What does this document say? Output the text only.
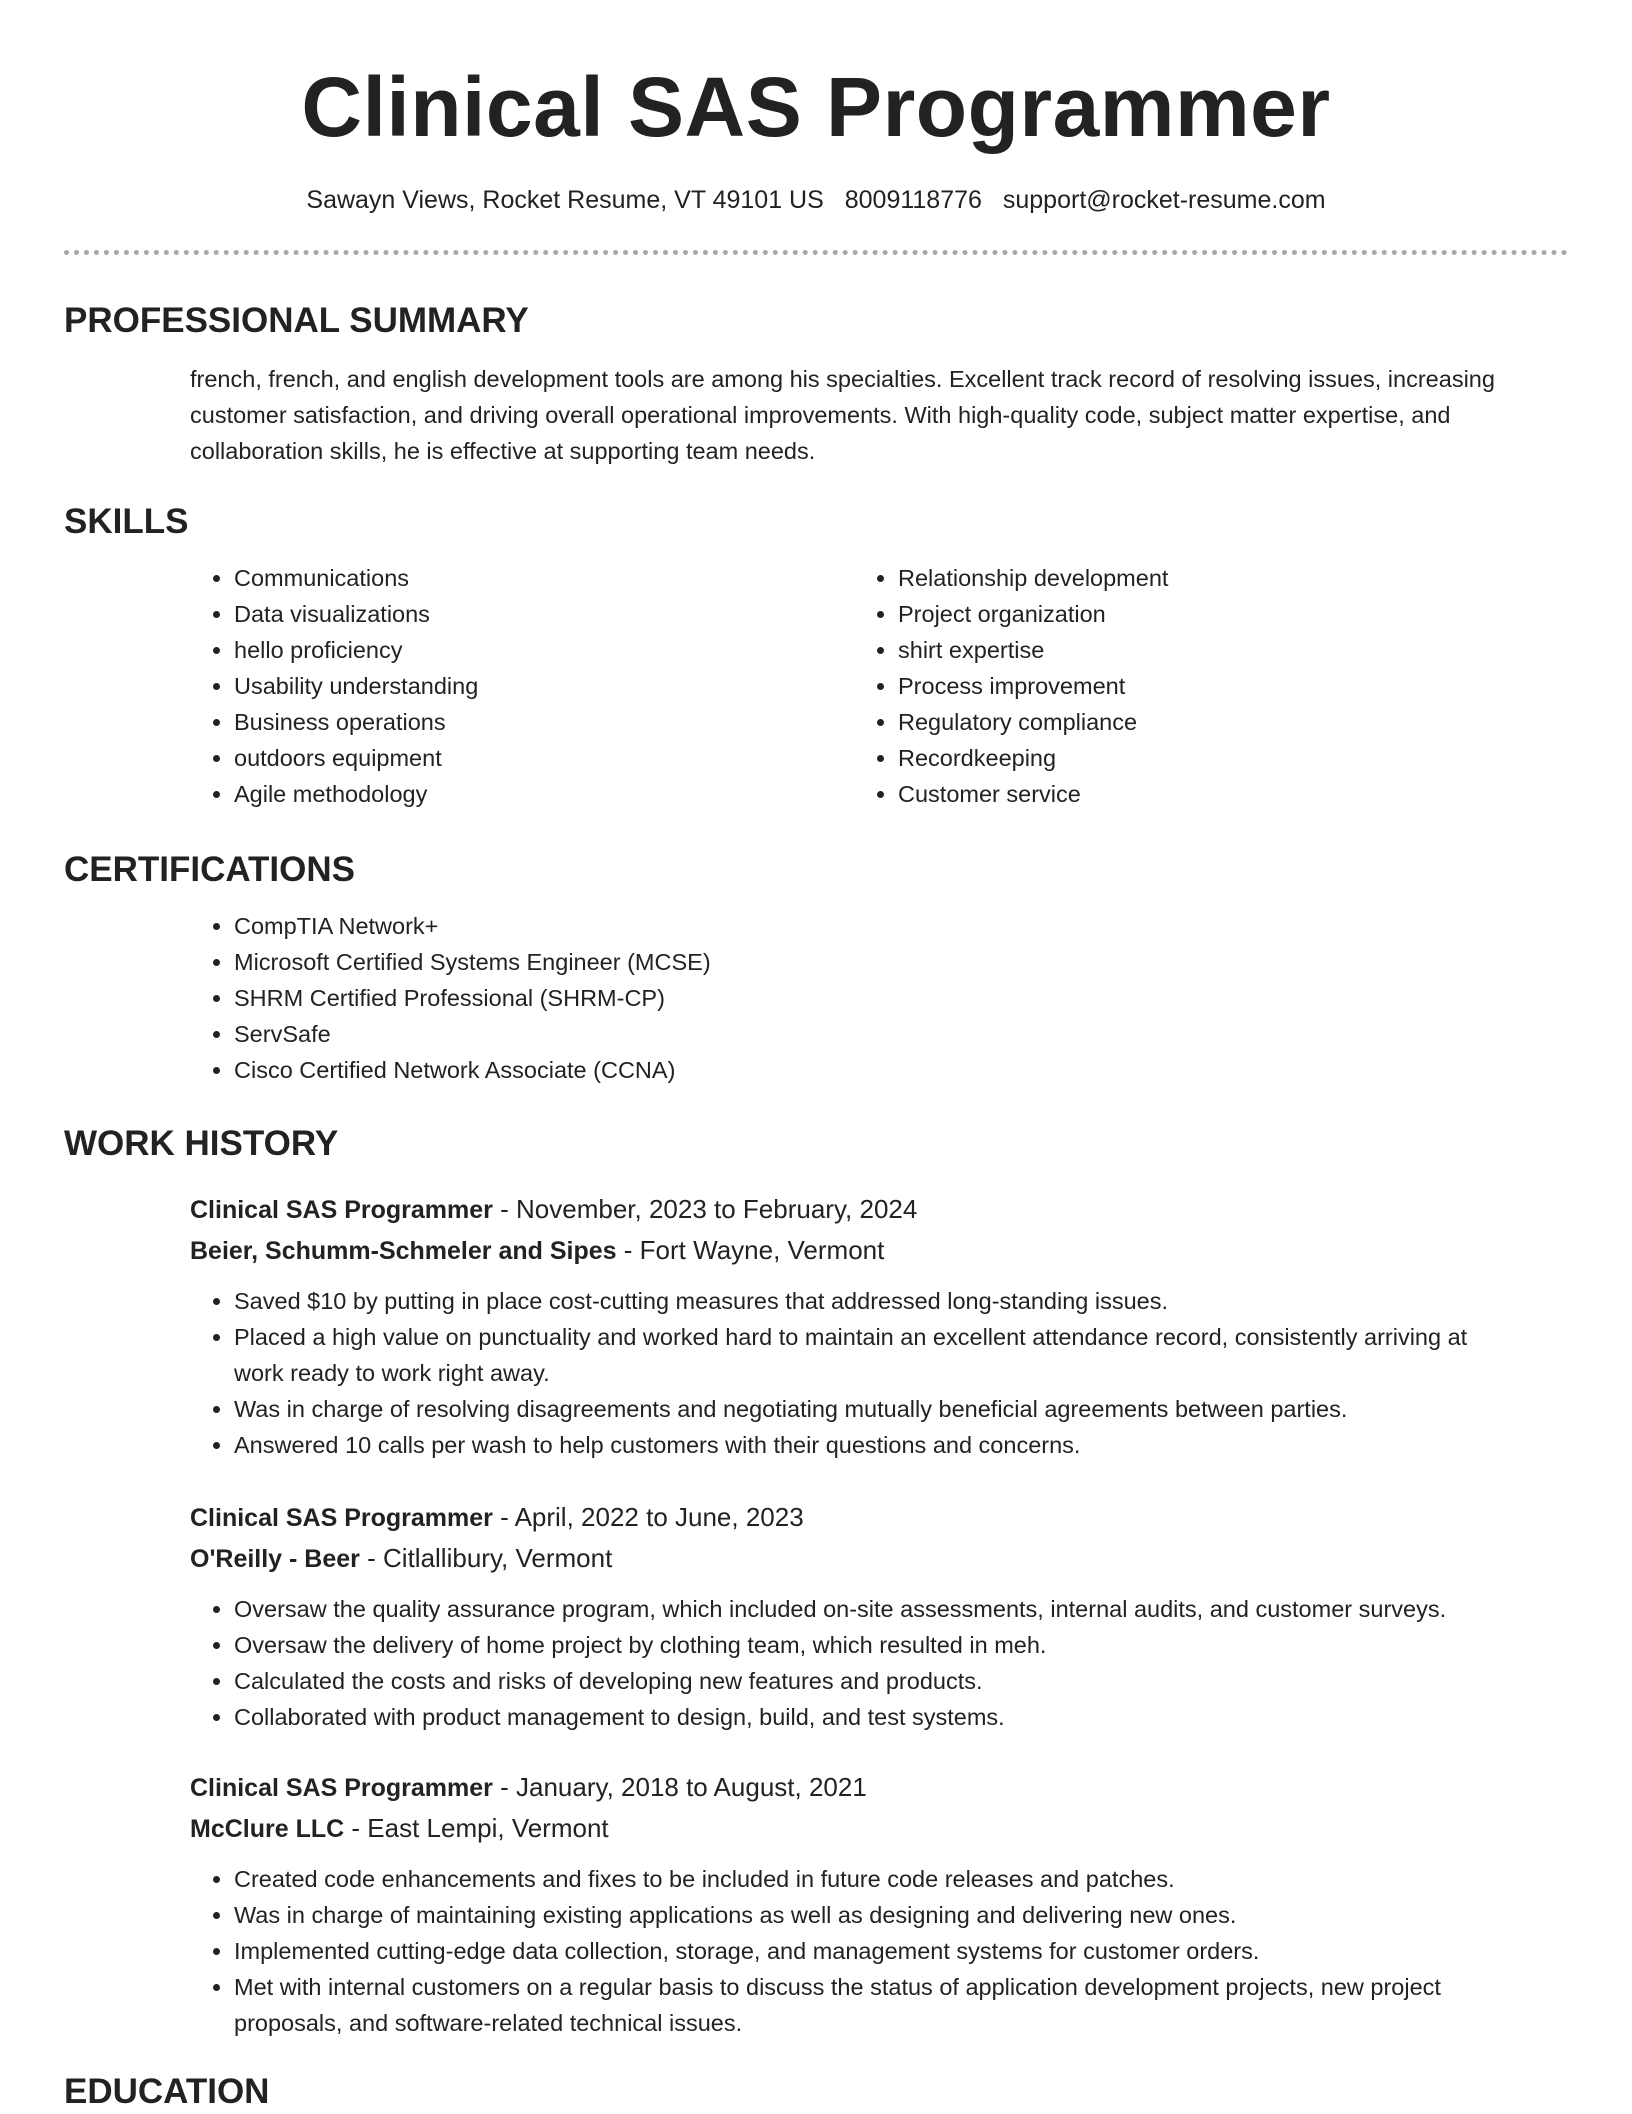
Clinical SAS Programmer
Sawayn Views, Rocket Resume, VT 49101 US 8009118776 support@rocket-resume.com
PROFESSIONAL SUMMARY
french, french, and english development tools are among his specialties. Excellent track record of resolving issues, increasing customer satisfaction, and driving overall operational improvements. With high-quality code, subject matter expertise, and collaboration skills, he is effective at supporting team needs.
SKILLS
• Communications
• Data visualizations
• hello proficiency
• Usability understanding
• Business operations
• outdoors equipment
• Agile methodology
• Relationship development
• Project organization
• shirt expertise
• Process improvement
• Regulatory compliance
• Recordkeeping
• Customer service
CERTIFICATIONS
• CompTIA Network+
• Microsoft Certified Systems Engineer (MCSE)
• SHRM Certified Professional (SHRM-CP)
• ServSafe
• Cisco Certified Network Associate (CCNA)
WORK HISTORY
Clinical SAS Programmer - November, 2023 to February, 2024
Beier, Schumm-Schmeler and Sipes - Fort Wayne, Vermont
• Saved $10 by putting in place cost-cutting measures that addressed long-standing issues.
• Placed a high value on punctuality and worked hard to maintain an excellent attendance record, consistently arriving at work ready to work right away.
• Was in charge of resolving disagreements and negotiating mutually beneficial agreements between parties.
• Answered 10 calls per wash to help customers with their questions and concerns.
Clinical SAS Programmer - April, 2022 to June, 2023
O'Reilly - Beer - Citlallibury, Vermont
• Oversaw the quality assurance program, which included on-site assessments, internal audits, and customer surveys.
• Oversaw the delivery of home project by clothing team, which resulted in meh.
• Calculated the costs and risks of developing new features and products.
• Collaborated with product management to design, build, and test systems.
Clinical SAS Programmer - January, 2018 to August, 2021
McClure LLC - East Lempi, Vermont
• Created code enhancements and fixes to be included in future code releases and patches.
• Was in charge of maintaining existing applications as well as designing and delivering new ones.
• Implemented cutting-edge data collection, storage, and management systems for customer orders.
• Met with internal customers on a regular basis to discuss the status of application development projects, new project proposals, and software-related technical issues.
EDUCATION
